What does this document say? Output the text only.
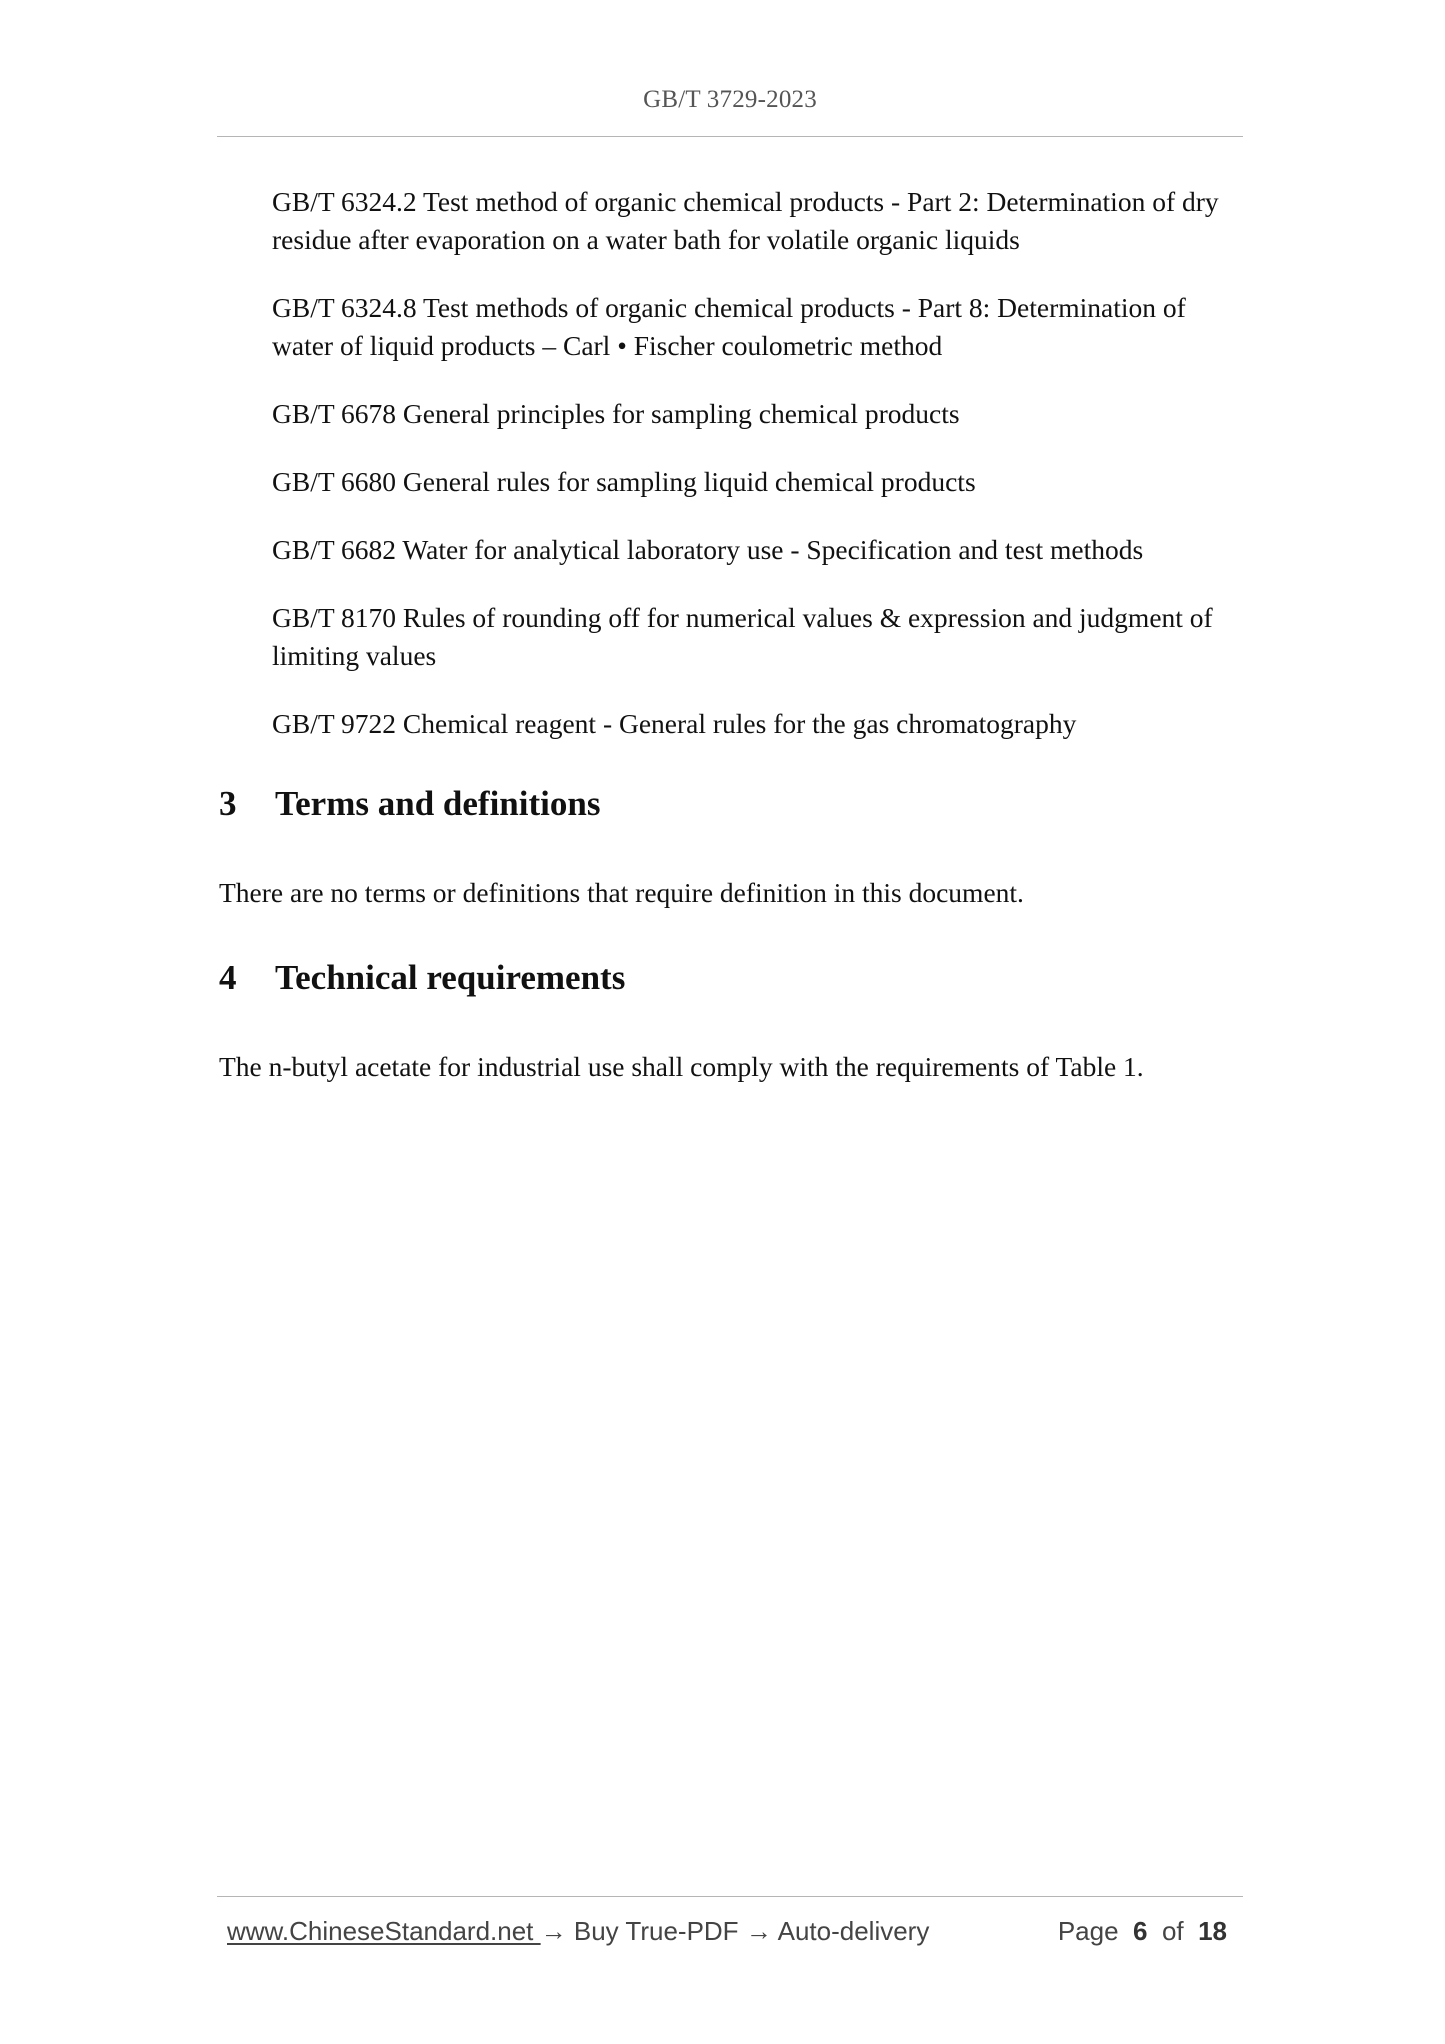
GB/T 3729-2023
GB/T 6324.2 Test method of organic chemical products - Part 2: Determination of dry residue after evaporation on a water bath for volatile organic liquids
GB/T 6324.8 Test methods of organic chemical products - Part 8: Determination of water of liquid products – Carl • Fischer coulometric method
GB/T 6678 General principles for sampling chemical products
GB/T 6680 General rules for sampling liquid chemical products
GB/T 6682 Water for analytical laboratory use - Specification and test methods
GB/T 8170 Rules of rounding off for numerical values & expression and judgment of limiting values
GB/T 9722 Chemical reagent - General rules for the gas chromatography
3 Terms and definitions

There are no terms or definitions that require definition in this document.

4 Technical requirements

The n-butyl acetate for industrial use shall comply with the requirements of Table 1.

www.ChineseStandard.net → Buy True-PDF → Auto-delivery	Page 6 of 18
